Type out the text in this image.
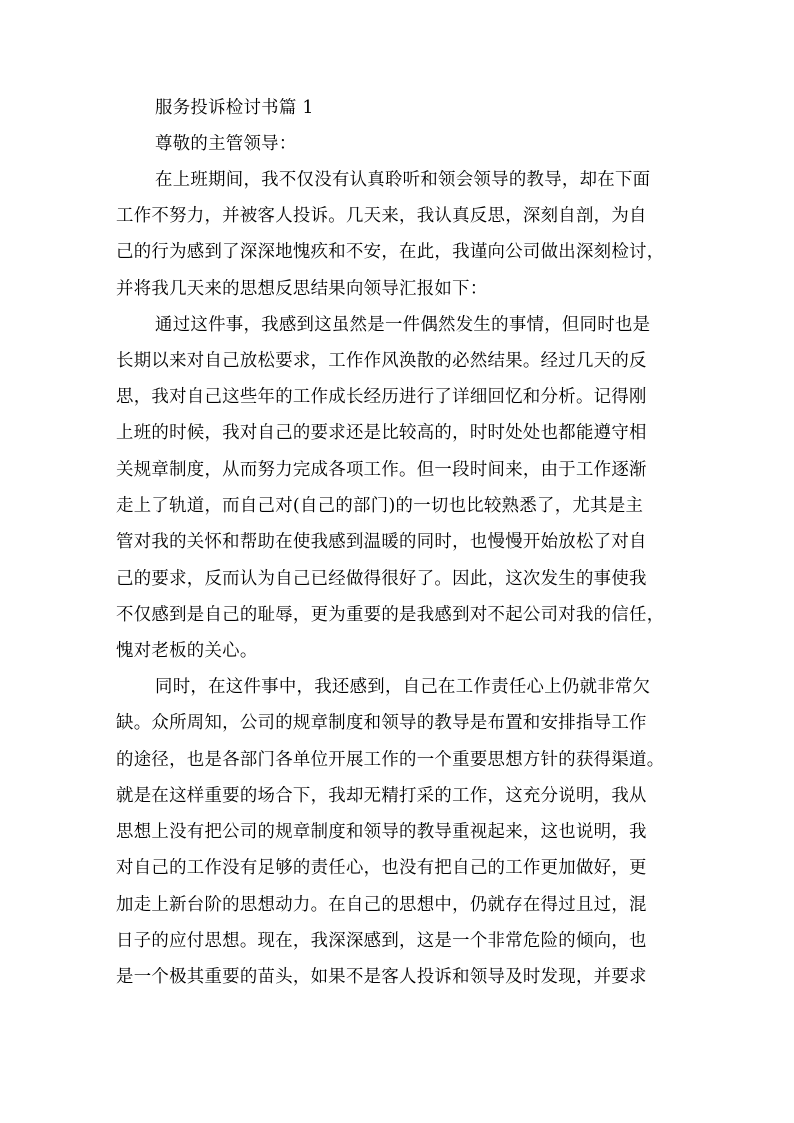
服务投诉检讨书篇 1
尊敬的主管领导：
在上班期间，我不仅没有认真聆听和领会领导的教导，却在下面
工作不努力，并被客人投诉。几天来，我认真反思，深刻自剖，为自
己的行为感到了深深地愧疚和不安，在此，我谨向公司做出深刻检讨，
并将我几天来的思想反思结果向领导汇报如下：
通过这件事，我感到这虽然是一件偶然发生的事情，但同时也是
长期以来对自己放松要求，工作作风涣散的必然结果。经过几天的反
思，我对自己这些年的工作成长经历进行了详细回忆和分析。记得刚
上班的时候，我对自己的要求还是比较高的，时时处处也都能遵守相
关规章制度，从而努力完成各项工作。但一段时间来，由于工作逐渐
走上了轨道，而自己对(自己的部门)的一切也比较熟悉了，尤其是主
管对我的关怀和帮助在使我感到温暖的同时，也慢慢开始放松了对自
己的要求，反而认为自己已经做得很好了。因此，这次发生的事使我
不仅感到是自己的耻辱，更为重要的是我感到对不起公司对我的信任，
愧对老板的关心。
同时，在这件事中，我还感到，自己在工作责任心上仍就非常欠
缺。众所周知，公司的规章制度和领导的教导是布置和安排指导工作
的途径，也是各部门各单位开展工作的一个重要思想方针的获得渠道。
就是在这样重要的场合下，我却无精打采的工作，这充分说明，我从
思想上没有把公司的规章制度和领导的教导重视起来，这也说明，我
对自己的工作没有足够的责任心，也没有把自己的工作更加做好，更
加走上新台阶的思想动力。在自己的思想中，仍就存在得过且过，混
日子的应付思想。现在，我深深感到，这是一个非常危险的倾向，也
是一个极其重要的苗头，如果不是客人投诉和领导及时发现，并要求
